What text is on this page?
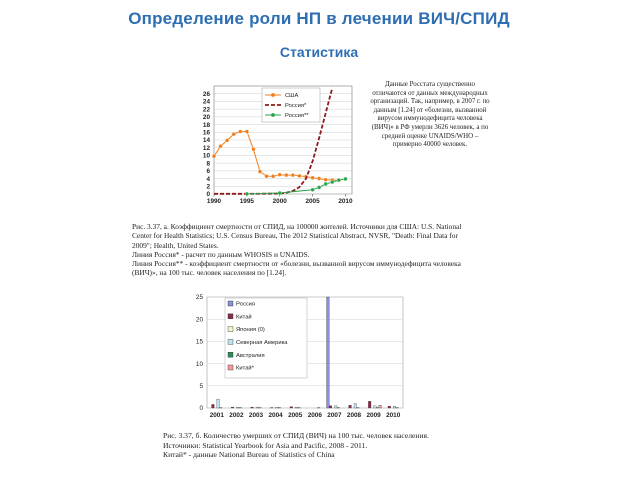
Определение роли НП в лечении ВИЧ/СПИД
Статистика
0
2
4
6
8
10
12
14
16
18
20
22
24
26
1990	1995	2000	2005	2010
США
Россия*
Россия**
0
5
10
15
20
25
2001 2002 2003 2004 2005 2006 2007 2008 2009 2010
Россия
Китай
Япония (0)
Северная Америка
Австралия
Китай*
Данные Росстата существенно отличаются от данных международных организаций. Так, например, в 2007 г. по данным [1.24] от «болезни, вызванной вирусом иммунодефицита человека (ВИЧ)» в РФ умерли 3626 человек, а по средней оценке UNAIDS/WHO – примерно 40000 человек.
Рис. 3.37, а. Коэффициент смертности от СПИД, на 100000 жителей. Источники для США: U.S. National
Center for Health Statistics; U.S. Census Bureau, The 2012 Statistical Abstract, NVSR, "Death: Final Data for
2009"; Health, United States.
Линия Россия* - расчет по данным WHOSIS и UNAIDS.
Линия Россия** - коэффициент смертности от «болезни, вызванной вирусом иммунодефицита человека
(ВИЧ)», на 100 тыс. человек населения по [1.24].
Рис. 3.37, б. Количество умерших от СПИД (ВИЧ) на 100 тыс. человек населения.
Источники: Statistical Yearbook for Asia and Pacific, 2008 - 2011.
Китай* - данные National Bureau of Statistics of China
